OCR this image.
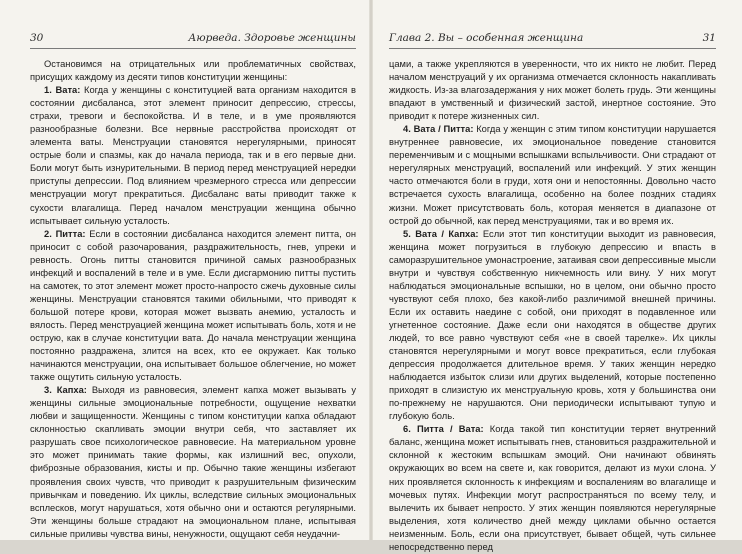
30	Аюрведа. Здоровье женщины

Остановимся на отрицательных или проблематичных свойствах, присущих каждому из десяти типов конституции женщины:

1. Вата: Когда у женщины с конституцией вата организм находится в состоянии дисбаланса, этот элемент приносит депрессию, стрессы, страхи, тревоги и беспокойства. И в теле, и в уме проявляются разнообразные болезни. Все нервные расстройства происходят от элемента ваты. Менструации становятся нерегулярными, приносят острые боли и спазмы, как до начала периода, так и в его первые дни. Боли могут быть изнурительными. В период перед менструацией нередки приступы депрессии. Под влиянием чрезмерного стресса или депрессии менструации могут прекратиться. Дисбаланс ваты приводит также к сухости влагалища. Перед началом менструации женщина обычно испытывает сильную усталость.

2. Питта: Если в состоянии дисбаланса находится элемент питта, он приносит с собой разочарования, раздражительность, гнев, упреки и ревность. Огонь питты становится причиной самых разнообразных инфекций и воспалений в теле и в уме. Если дисгармонию питты пустить на самотек, то этот элемент может просто-напросто сжечь духовные силы женщины. Менструации становятся такими обильными, что приводят к большой потере крови, которая может вызвать анемию, усталость и вялость. Перед менструацией женщина может испытывать боль, хотя и не острую, как в случае конституции вата. До начала менструации женщина постоянно раздражена, злится на всех, кто ее окружает. Как только начинаются менструации, она испытывает большое облегчение, но может также ощутить сильную усталость.

3. Капха: Выходя из равновесия, элемент капха может вызывать у женщины сильные эмоциональные потребности, ощущение нехватки любви и защищенности. Женщины с типом конституции капха обладают склонностью скапливать эмоции внутри себя, что заставляет их разрушать свое психологическое равновесие. На материальном уровне это может принимать такие формы, как излишний вес, опухоли, фиброзные образования, кисты и пр. Обычно такие женщины избегают проявления своих чувств, что приводит к разрушительным физическим привычкам и поведению. Их циклы, вследствие сильных эмоциональных всплесков, могут нарушаться, хотя обычно они и остаются регулярными. Эти женщины больше страдают на эмоциональном плане, испытывая сильные приливы чувства вины, ненужности, ощущают себя неудачни-

Глава 2. Вы – особенная женщина	31

цами, а также укрепляются в уверенности, что их никто не любит. Перед началом менструаций у их организма отмечается склонность накапливать жидкость. Из-за влагозадержания у них может болеть грудь. Эти женщины впадают в умственный и физический застой, инертное состояние. Это приводит к потере жизненных сил.

4. Вата / Питта: Когда у женщин с этим типом конституции нарушается внутреннее равновесие, их эмоциональное поведение становится переменчивым и с мощными вспышками вспыльчивости. Они страдают от нерегулярных менструаций, воспалений или инфекций. У этих женщин часто отмечаются боли в груди, хотя они и непостоянны. Довольно часто встречается сухость влагалища, особенно на более поздних стадиях жизни. Может присутствовать боль, которая меняется в диапазоне от острой до обычной, как перед менструациями, так и во время их.

5. Вата / Капха: Если этот тип конституции выходит из равновесия, женщина может погрузиться в глубокую депрессию и впасть в саморазрушительное умонастроение, затаивая свои депрессивные мысли внутри и чувствуя собственную никчемность или вину. У них могут наблюдаться эмоциональные вспышки, но в целом, они обычно просто чувствуют себя плохо, без какой-либо различимой внешней причины. Если их оставить наедине с собой, они приходят в подавленное или угнетенное состояние. Даже если они находятся в обществе других людей, то все равно чувствуют себя «не в своей тарелке». Их циклы становятся нерегулярными и могут вовсе прекратиться, если глубокая депрессия продолжается длительное время. У таких женщин нередко наблюдается избыток слизи или других выделений, которые постепенно приходят в слизистую их менструальную кровь, хотя у большинства они по-прежнему не нарушаются. Они периодически испытывают тупую и глубокую боль.

6. Питта / Вата: Когда такой тип конституции теряет внутренний баланс, женщина может испытывать гнев, становиться раздражительной и склонной к жестоким вспышкам эмоций. Они начинают обвинять окружающих во всем на свете и, как говорится, делают из мухи слона. У них проявляется склонность к инфекциям и воспалениям во влагалище и мочевых путях. Инфекции могут распространяться по всему телу, и вылечить их бывает непросто. У этих женщин появляются нерегулярные выделения, хотя количество дней между циклами обычно остается неизменным. Боль, если она присутствует, бывает общей, чуть сильнее непосредственно перед
